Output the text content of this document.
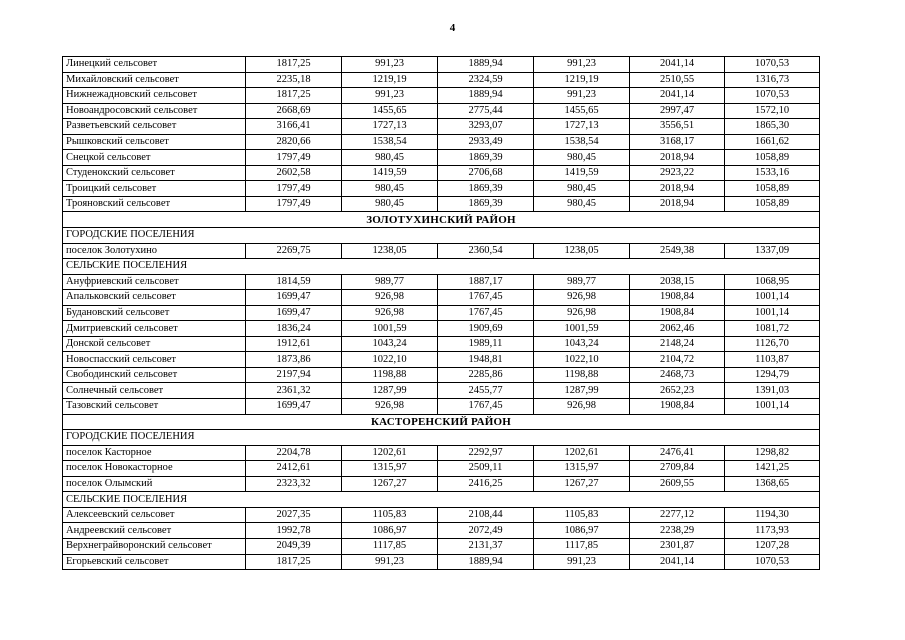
4
Линецкий сельсовет	1817,25	991,23	1889,94	991,23	2041,14	1070,53
Михайловский сельсовет	2235,18	1219,19	2324,59	1219,19	2510,55	1316,73
Нижнежадновский сельсовет	1817,25	991,23	1889,94	991,23	2041,14	1070,53
Новоандросовский сельсовет	2668,69	1455,65	2775,44	1455,65	2997,47	1572,10
Разветьевский сельсовет	3166,41	1727,13	3293,07	1727,13	3556,51	1865,30
Рышковский сельсовет	2820,66	1538,54	2933,49	1538,54	3168,17	1661,62
Снецкой сельсовет	1797,49	980,45	1869,39	980,45	2018,94	1058,89
Студенокский сельсовет	2602,58	1419,59	2706,68	1419,59	2923,22	1533,16
Троицкий сельсовет	1797,49	980,45	1869,39	980,45	2018,94	1058,89
Трояновский сельсовет	1797,49	980,45	1869,39	980,45	2018,94	1058,89
ЗОЛОТУХИНСКИЙ РАЙОН						
ГОРОДСКИЕ ПОСЕЛЕНИЯ						
поселок Золотухино	2269,75	1238,05	2360,54	1238,05	2549,38	1337,09
СЕЛЬСКИЕ ПОСЕЛЕНИЯ						
Ануфриевский сельсовет	1814,59	989,77	1887,17	989,77	2038,15	1068,95
Апальковский сельсовет	1699,47	926,98	1767,45	926,98	1908,84	1001,14
Будановский сельсовет	1699,47	926,98	1767,45	926,98	1908,84	1001,14
Дмитриевский сельсовет	1836,24	1001,59	1909,69	1001,59	2062,46	1081,72
Донской сельсовет	1912,61	1043,24	1989,11	1043,24	2148,24	1126,70
Новоспасский сельсовет	1873,86	1022,10	1948,81	1022,10	2104,72	1103,87
Свободинский сельсовет	2197,94	1198,88	2285,86	1198,88	2468,73	1294,79
Солнечный сельсовет	2361,32	1287,99	2455,77	1287,99	2652,23	1391,03
Тазовский сельсовет	1699,47	926,98	1767,45	926,98	1908,84	1001,14
КАСТОРЕНСКИЙ РАЙОН						
ГОРОДСКИЕ ПОСЕЛЕНИЯ						
поселок Касторное	2204,78	1202,61	2292,97	1202,61	2476,41	1298,82
поселок Новокасторное	2412,61	1315,97	2509,11	1315,97	2709,84	1421,25
поселок Олымский	2323,32	1267,27	2416,25	1267,27	2609,55	1368,65
СЕЛЬСКИЕ ПОСЕЛЕНИЯ						
Алексеевский сельсовет	2027,35	1105,83	2108,44	1105,83	2277,12	1194,30
Андреевский сельсовет	1992,78	1086,97	2072,49	1086,97	2238,29	1173,93
Верхнеграйворонский сельсовет	2049,39	1117,85	2131,37	1117,85	2301,87	1207,28
Егорьевский сельсовет	1817,25	991,23	1889,94	991,23	2041,14	1070,53
